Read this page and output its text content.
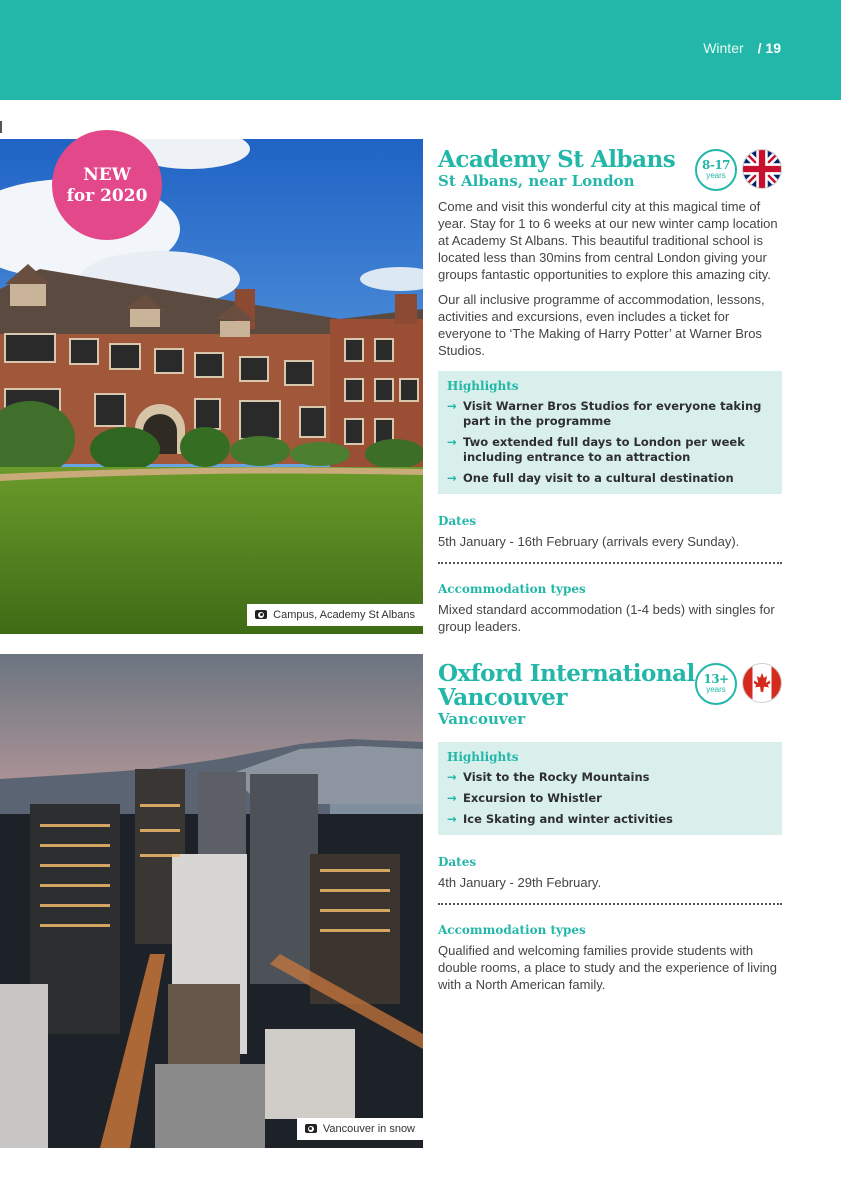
Winter / 19
Campus, Academy St Albans
NEW
for 2020
Vancouver in snow
Academy St Albans

St Albans, near London

8-17
years

Come and visit this wonderful city at this magical time of year. Stay for 1 to 6 weeks at our new winter camp location at Academy St Albans. This beautiful traditional school is located less than 30mins from central London giving your groups fantastic opportunities to explore this amazing city.

Our all inclusive programme of accommodation, lessons, activities and excursions, even includes a ticket for everyone to ‘The Making of Harry Potter’ at Warner Bros Studios.

Highlights

→ Visit Warner Bros Studios for everyone taking part in the programme
→ Two extended full days to London per week including entrance to an attraction
→ One full day visit to a cultural destination

Dates

5th January - 16th February (arrivals every Sunday).

Accommodation types

Mixed standard accommodation (1-4 beds) with singles for group leaders.

Oxford International
Vancouver

Vancouver

13+
years

Highlights

→ Visit to the Rocky Mountains
→ Excursion to Whistler
→ Ice Skating and winter activities

Dates

4th January - 29th February.

Accommodation types

Qualified and welcoming families provide students with double rooms, a place to study and the experience of living with a North American family.
